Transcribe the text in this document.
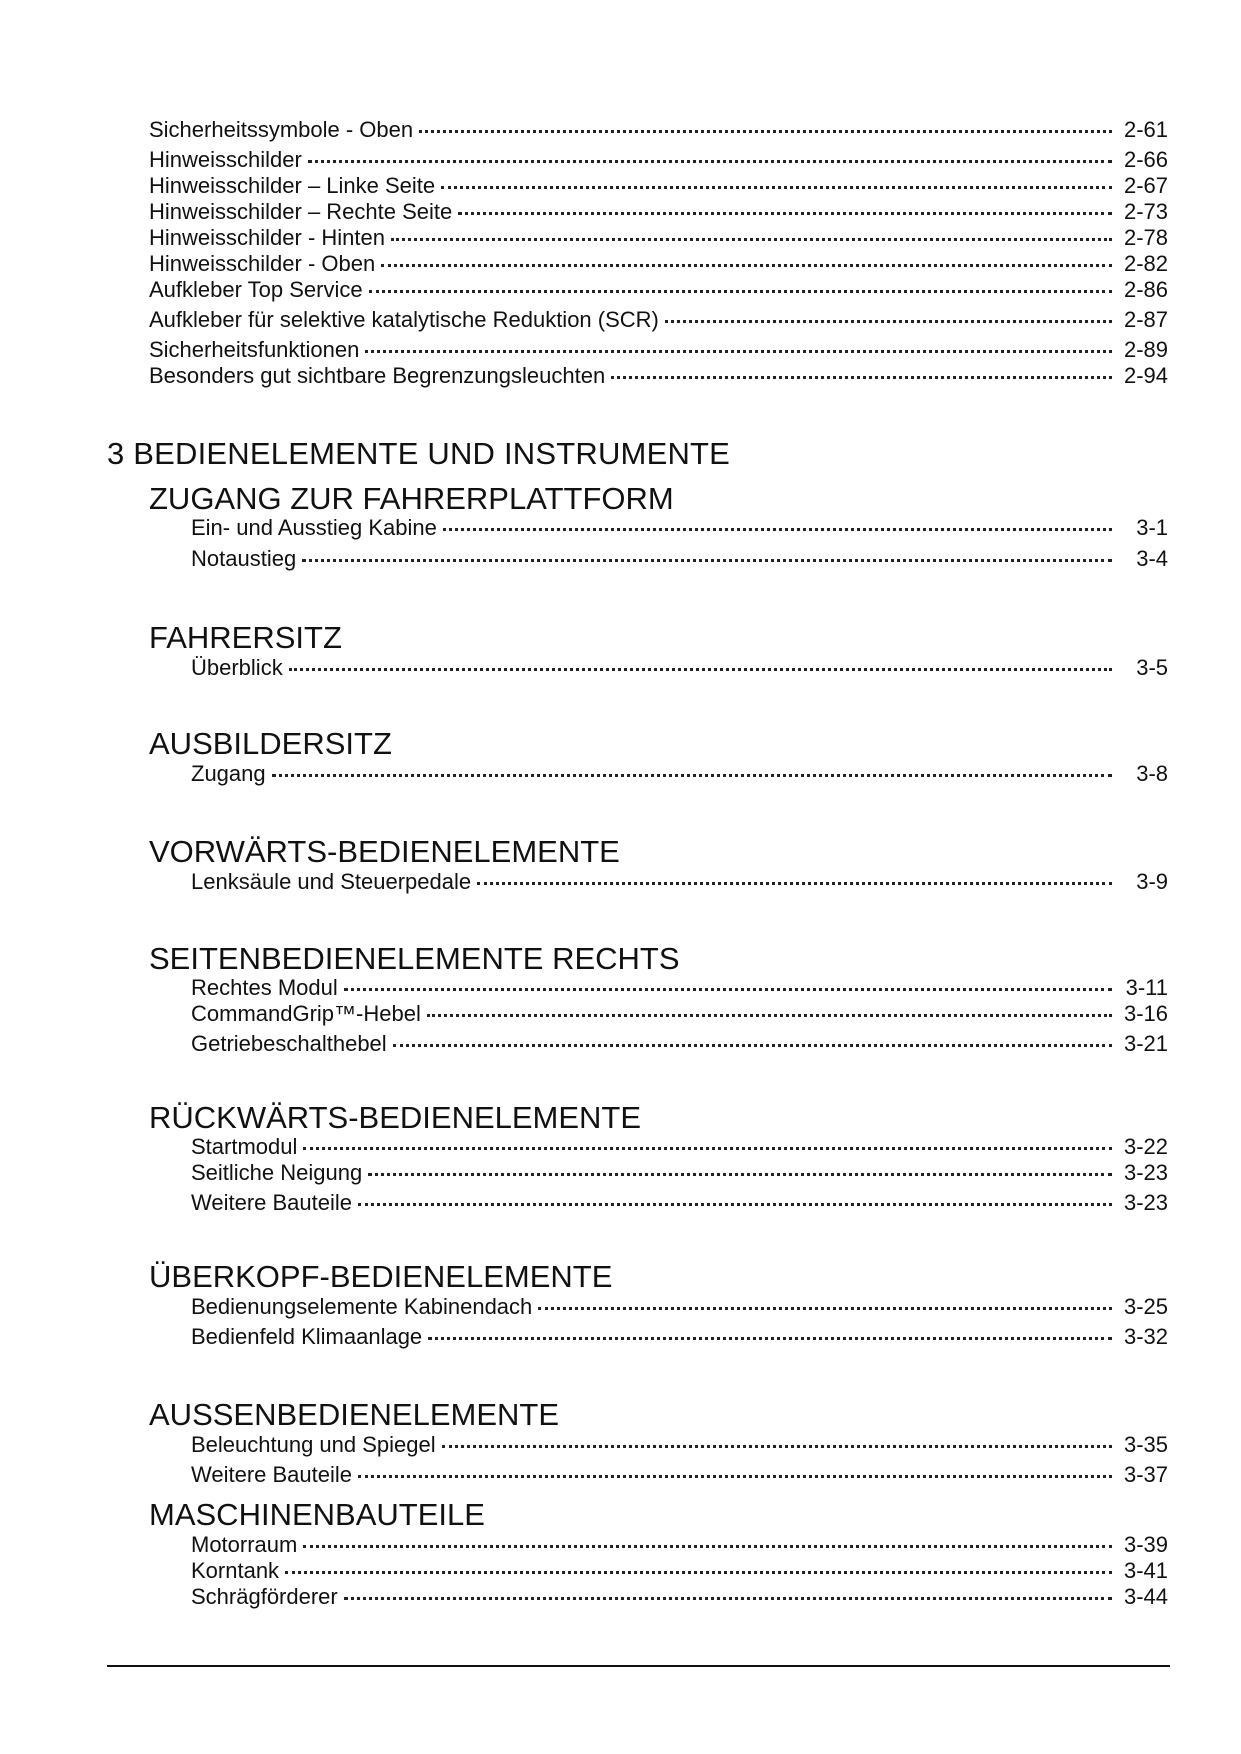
Sicherheitssymbole - Oben	2-61
Hinweisschilder	2-66
Hinweisschilder – Linke Seite	2-67
Hinweisschilder – Rechte Seite	2-73
Hinweisschilder - Hinten	2-78
Hinweisschilder - Oben	2-82
Aufkleber Top Service	2-86
Aufkleber für selektive katalytische Reduktion (SCR)	2-87
Sicherheitsfunktionen	2-89
Besonders gut sichtbare Begrenzungsleuchten	2-94
3 BEDIENELEMENTE UND INSTRUMENTE
ZUGANG ZUR FAHRERPLATTFORM
Ein- und Ausstieg Kabine	3-1
Notaustieg	3-4
FAHRERSITZ
Überblick	3-5
AUSBILDERSITZ
Zugang	3-8
VORWÄRTS-BEDIENELEMENTE
Lenksäule und Steuerpedale	3-9
SEITENBEDIENELEMENTE RECHTS
Rechtes Modul	3-11
CommandGrip™-Hebel	3-16
Getriebeschalthebel	3-21
RÜCKWÄRTS-BEDIENELEMENTE
Startmodul	3-22
Seitliche Neigung	3-23
Weitere Bauteile	3-23
ÜBERKOPF-BEDIENELEMENTE
Bedienungselemente Kabinendach	3-25
Bedienfeld Klimaanlage	3-32
AUSSENBEDIENELEMENTE
Beleuchtung und Spiegel	3-35
Weitere Bauteile	3-37
MASCHINENBAUTEILE
Motorraum	3-39
Korntank	3-41
Schrägförderer	3-44
